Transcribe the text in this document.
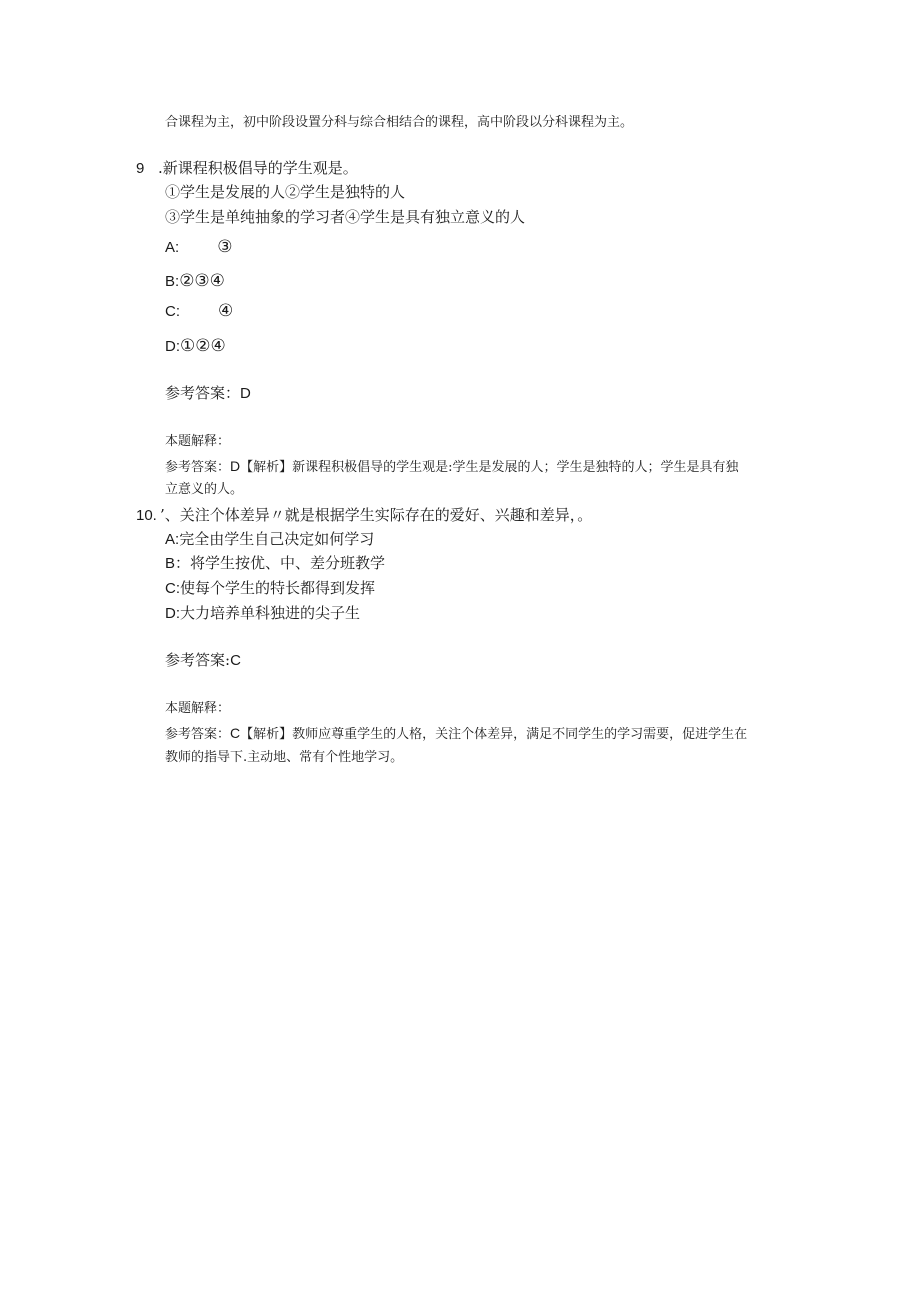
合课程为主，初中阶段设置分科与综合相结合的课程，高中阶段以分科课程为主。
9 .新课程积极倡导的学生观是。
①学生是发展的人②学生是独特的人
③学生是单纯抽象的学习者④学生是具有独立意义的人
A: ③
B:②③④
C: ④
D:①②④
参考答案：D
本题解释：
参考答案：D【解析】新课程积极倡导的学生观是:学生是发展的人；学生是独特的人；学生是具有独
立意义的人。
10. ’、关注个体差异〃就是根据学生实际存在的爱好、兴趣和差异，。
A:完全由学生自己决定如何学习
B：将学生按优、中、差分班教学
C:使每个学生的特长都得到发挥
D:大力培养单科独进的尖子生
参考答案:C
本题解释：
参考答案：C【解析】教师应尊重学生的人格，关注个体差异，满足不同学生的学习需要，促进学生在
教师的指导下.主动地、常有个性地学习。
